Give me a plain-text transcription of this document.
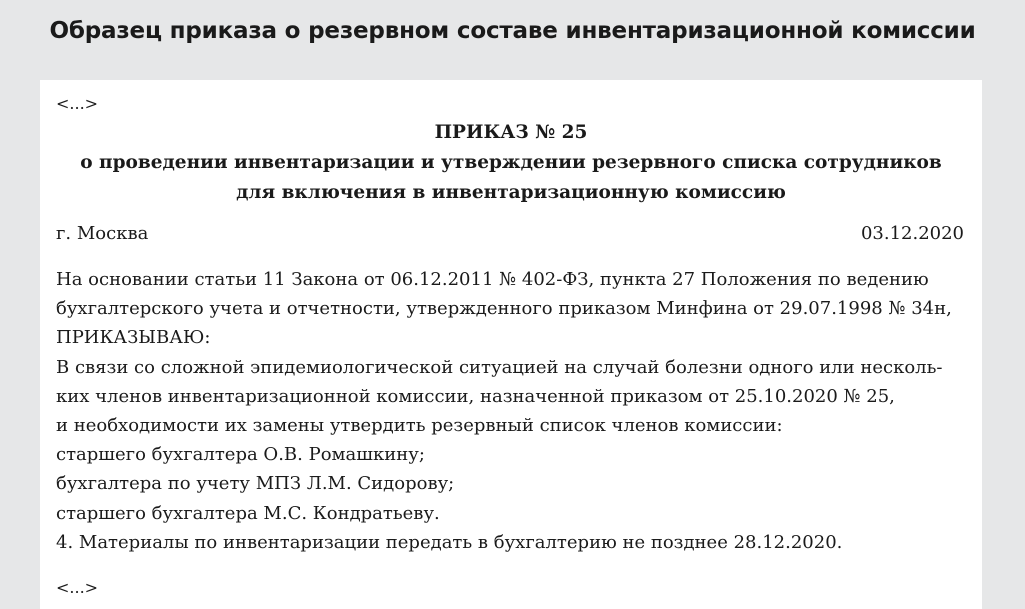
Образец приказа о резервном составе инвентаризационной комиссии
<...>
ПРИКАЗ № 25
о проведении инвентаризации и утверждении резервного списка сотрудников
для включения в инвентаризационную комиссию
г. Москва	03.12.2020
На основании статьи 11 Закона от 06.12.2011 № 402-ФЗ, пункта 27 Положения по ведению
бухгалтерского учета и отчетности, утвержденного приказом Минфина от 29.07.1998 № 34н,
ПРИКАЗЫВАЮ:
В связи со сложной эпидемиологической ситуацией на случай болезни одного или несколь-
ких членов инвентаризационной комиссии, назначенной приказом от 25.10.2020 № 25,
и необходимости их замены утвердить резервный список членов комиссии:
старшего бухгалтера О.В. Ромашкину;
бухгалтера по учету МПЗ Л.М. Сидорову;
старшего бухгалтера М.С. Кондратьеву.
4. Материалы по инвентаризации передать в бухгалтерию не позднее 28.12.2020.
<...>
